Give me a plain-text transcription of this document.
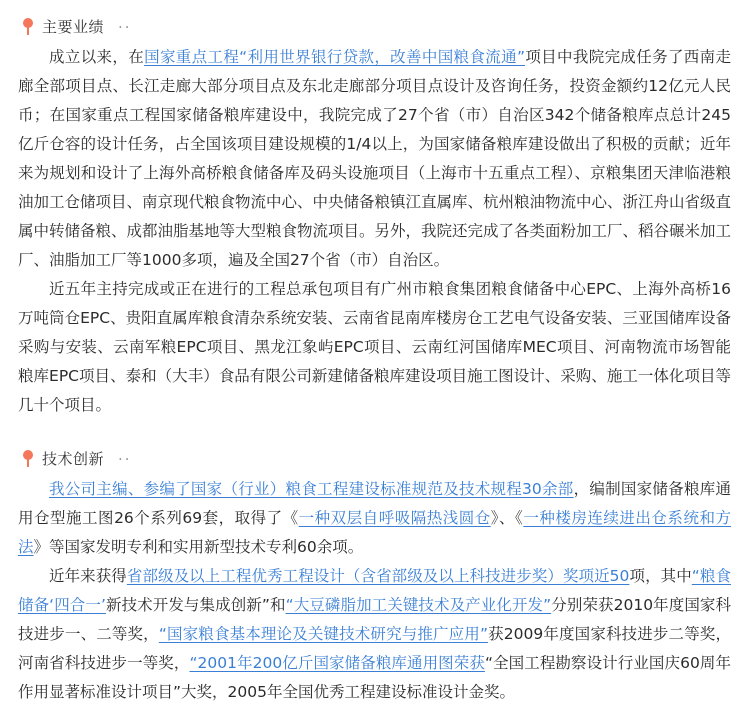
主要业绩 ..

成立以来，在国家重点工程“利用世界银行贷款，改善中国粮食流通”项目中我院完成任务了西南走廊全部项目点、长江走廊大部分项目点及东北走廊部分项目点设计及咨询任务，投资金额约12亿元人民币；在国家重点工程国家储备粮库建设中，我院完成了27个省（市）自治区342个储备粮库点总计245亿斤仓容的设计任务，占全国该项目建设规模的1/4以上，为国家储备粮库建设做出了积极的贡献；近年来为规划和设计了上海外高桥粮食储备库及码头设施项目（上海市十五重点工程）、京粮集团天津临港粮油加工仓储项目、南京现代粮食物流中心、中央储备粮镇江直属库、杭州粮油物流中心、浙江舟山省级直属中转储备粮、成都油脂基地等大型粮食物流项目。另外，我院还完成了各类面粉加工厂、稻谷碾米加工厂、油脂加工厂等1000多项，遍及全国27个省（市）自治区。

近五年主持完成或正在进行的工程总承包项目有广州市粮食集团粮食储备中心EPC、上海外高桥16万吨筒仓EPC、贵阳直属库粮食清杂系统安装、云南省昆南库楼房仓工艺电气设备安装、三亚国储库设备采购与安装、云南军粮EPC项目、黑龙江象屿EPC项目、云南红河国储库MEC项目、河南物流市场智能粮库EPC项目、泰和（大丰）食品有限公司新建储备粮库建设项目施工图设计、采购、施工一体化项目等几十个项目。

技术创新 ..

我公司主编、参编了国家（行业）粮食工程建设标准规范及技术规程30余部，编制国家储备粮库通用仓型施工图26个系列69套，取得了《一种双层自呼吸隔热浅圆仓》、《一种楼房连续进出仓系统和方法》等国家发明专利和实用新型技术专利60余项。

近年来获得省部级及以上工程优秀工程设计（含省部级及以上科技进步奖）奖项近50项，其中“粮食储备‘四合一’新技术开发与集成创新”和“大豆磷脂加工关键技术及产业化开发”分别荣获2010年度国家科技进步一、二等奖，“国家粮食基本理论及关键技术研究与推广应用”获2009年度国家科技进步二等奖，河南省科技进步一等奖，“2001年200亿斤国家储备粮库通用图荣获“全国工程勘察设计行业国庆60周年作用显著标准设计项目”大奖，2005年全国优秀工程建设标准设计金奖。
